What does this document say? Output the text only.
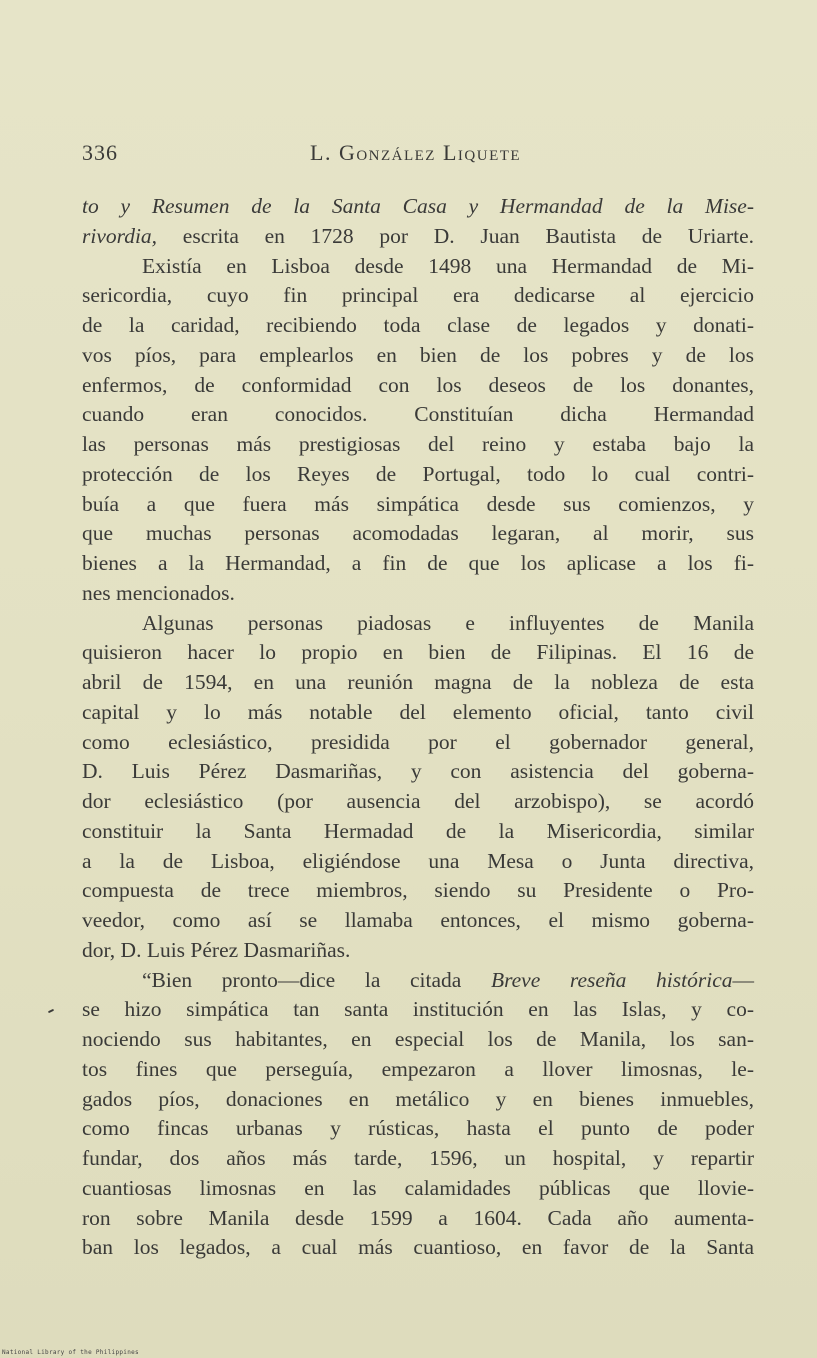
336	L. González Liquete
to y Resumen de la Santa Casa y Hermandad de la Mise-
rivordia, escrita en 1728 por D. Juan Bautista de Uriarte.
Existía en Lisboa desde 1498 una Hermandad de Mi-
sericordia, cuyo fin principal era dedicarse al ejercicio
de la caridad, recibiendo toda clase de legados y donati-
vos píos, para emplearlos en bien de los pobres y de los
enfermos, de conformidad con los deseos de los donantes,
cuando eran conocidos. Constituían dicha Hermandad
las personas más prestigiosas del reino y estaba bajo la
protección de los Reyes de Portugal, todo lo cual contri-
buía a que fuera más simpática desde sus comienzos, y
que muchas personas acomodadas legaran, al morir, sus
bienes a la Hermandad, a fin de que los aplicase a los fi-
nes mencionados.
Algunas personas piadosas e influyentes de Manila
quisieron hacer lo propio en bien de Filipinas. El 16 de
abril de 1594, en una reunión magna de la nobleza de esta
capital y lo más notable del elemento oficial, tanto civil
como eclesiástico, presidida por el gobernador general,
D. Luis Pérez Dasmariñas, y con asistencia del goberna-
dor eclesiástico (por ausencia del arzobispo), se acordó
constituir la Santa Hermadad de la Misericordia, similar
a la de Lisboa, eligiéndose una Mesa o Junta directiva,
compuesta de trece miembros, siendo su Presidente o Pro-
veedor, como así se llamaba entonces, el mismo goberna-
dor, D. Luis Pérez Dasmariñas.
“Bien pronto—dice la citada Breve reseña histórica—
se hizo simpática tan santa institución en las Islas, y co-
nociendo sus habitantes, en especial los de Manila, los san-
tos fines que perseguía, empezaron a llover limosnas, le-
gados píos, donaciones en metálico y en bienes inmuebles,
como fincas urbanas y rústicas, hasta el punto de poder
fundar, dos años más tarde, 1596, un hospital, y repartir
cuantiosas limosnas en las calamidades públicas que llovie-
ron sobre Manila desde 1599 a 1604. Cada año aumenta-
ban los legados, a cual más cuantioso, en favor de la Santa
National Library of the Philippines
